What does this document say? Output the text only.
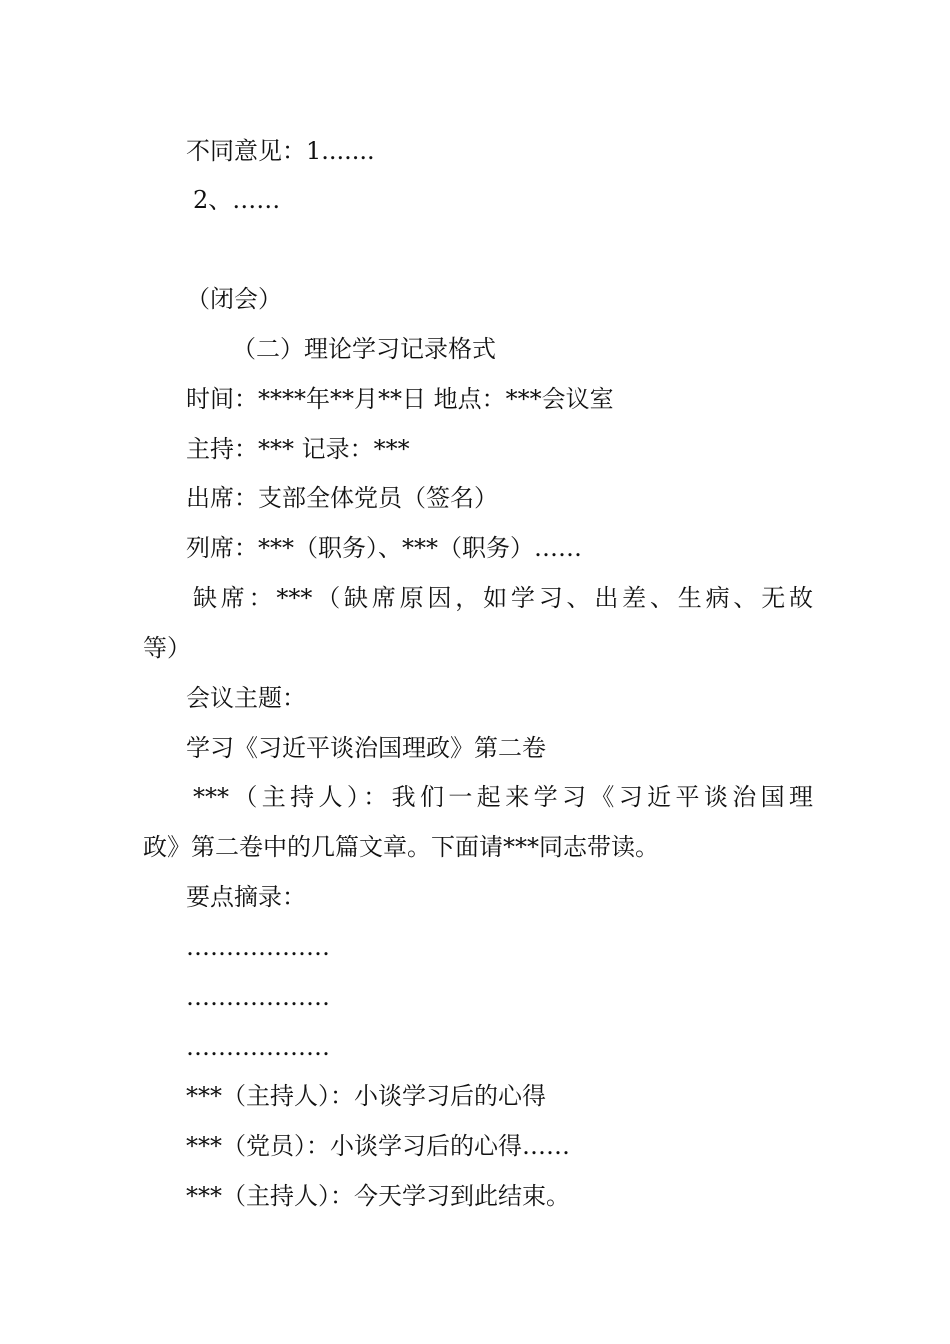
不同意见：1.......
2、……
（闭会）
（二）理论学习记录格式
时间：****年**月**日 地点：***会议室
主持：*** 记录：***
出席：支部全体党员（签名）
列席：***（职务）、***（职务）……
缺席：***（缺席原因，如学习、出差、生病、无故
等）
会议主题：
学习《习近平谈治国理政》第二卷
***（主持人）：我们一起来学习《习近平谈治国理
政》第二卷中的几篇文章。下面请***同志带读。
要点摘录：
………………
………………
………………
***（主持人）：小谈学习后的心得
***（党员）：小谈学习后的心得……
***（主持人）：今天学习到此结束。
